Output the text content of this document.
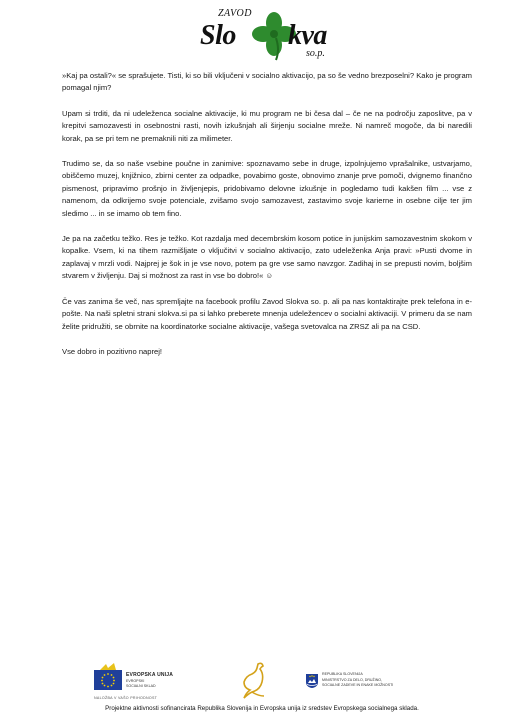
ZAVOD
Slo kva
so.p.

»Kaj pa ostali?« se sprašujete. Tisti, ki so bili vključeni v socialno aktivacijo, pa so še vedno brezposelni? Kako je program pomagal njim?

Upam si trditi, da ni udeleženca socialne aktivacije, ki mu program ne bi česa dal – če ne na področju zaposlitve, pa v krepitvi samozavesti in osebnostni rasti, novih izkušnjah ali širjenju socialne mreže. Ni namreč mogoče, da bi naredili korak, pa se pri tem ne premaknili niti za milimeter.

Trudimo se, da so naše vsebine poučne in zanimive: spoznavamo sebe in druge, izpolnjujemo vprašalnike, ustvarjamo, obiščemo muzej, knjižnico, zbirni center za odpadke, povabimo goste, obnovimo znanje prve pomoči, dvignemo finančno pismenost, pripravimo prošnjo in življenjepis, pridobivamo delovne izkušnje in pogledamo tudi kakšen film ... vse z namenom, da odkrijemo svoje potenciale, zvišamo svojo samozavest, zastavimo svoje karierne in osebne cilje ter jim sledimo ... in se imamo ob tem fino.

Je pa na začetku težko. Res je težko. Kot razdalja med decembrskim kosom potice in junijskim samozavestnim skokom v kopalke. Vsem, ki na tihem razmišljate o vključitvi v socialno aktivacijo, zato udeleženka Anja pravi: »Pusti dvome in zaplavaj v mrzli vodi. Najprej je šok in je vse novo, potem pa gre vse samo navzgor. Zadihaj in se prepusti novim, boljšim stvarem v življenju. Daj si možnost za rast in vse bo dobro!« ☺

Če vas zanima še več, nas spremljajte na facebook profilu Zavod Slokva so. p. ali pa nas kontaktirajte prek telefona in e-pošte. Na naši spletni strani slokva.si pa si lahko preberete mnenja udeležencev o socialni aktivaciji. V primeru da se nam želite pridružiti, se obrnite na koordinatorke socialne aktivacije, vašega svetovalca na ZRSZ ali pa na CSD.

Vse dobro in pozitivno naprej!

EVROPSKA UNIJA
EVROPSKI
SOCIALNI SKLAD
NALOŽBA V VAŠO PRIHODNOST
REPUBLIKA SLOVENIJA
MINISTRSTVO ZA DELO, DRUŽINO,
SOCIALNE ZADEVE IN ENAKE MOŽNOSTI
Projektne aktivnosti sofinancirata Republika Slovenija in Evropska unija iz sredstev Evropskega socialnega sklada.
